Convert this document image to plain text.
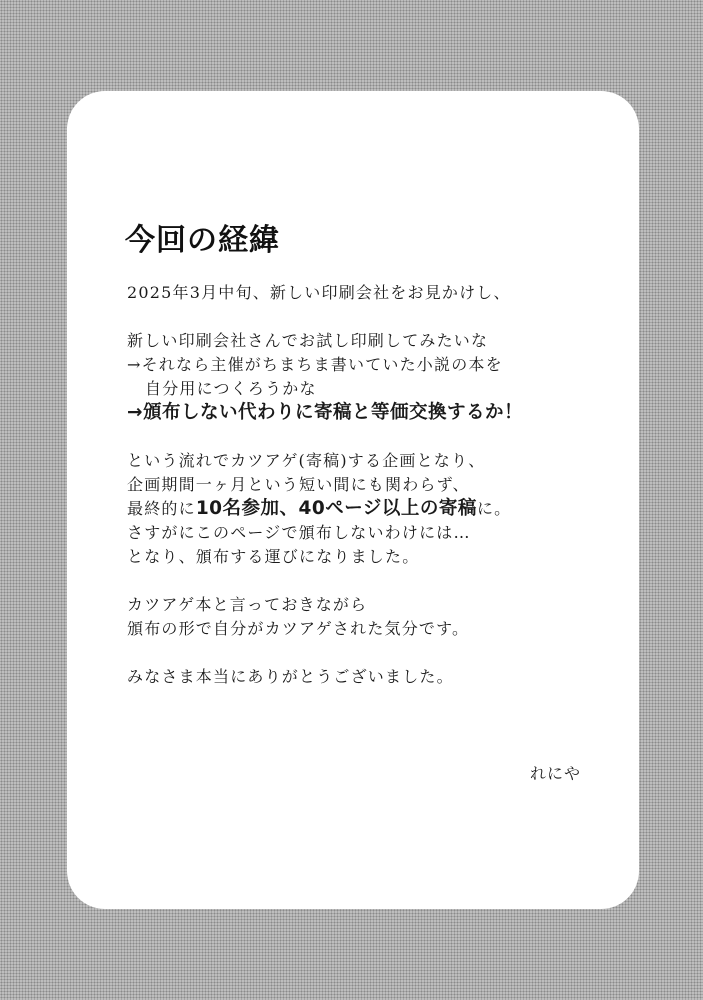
今回の経緯
2025年3月中旬、新しい印刷会社をお見かけし、
新しい印刷会社さんでお試し印刷してみたいな
→それなら主催がちまちま書いていた小説の本を
自分用につくろうかな
→頒布しない代わりに寄稿と等価交換するか！
という流れでカツアゲ(寄稿)する企画となり、
企画期間一ヶ月という短い間にも関わらず、
最終的に10名参加、40ページ以上の寄稿に。
さすがにこのページで頒布しないわけには…
となり、頒布する運びになりました。
カツアゲ本と言っておきながら
頒布の形で自分がカツアゲされた気分です。
みなさま本当にありがとうございました。
れにや
